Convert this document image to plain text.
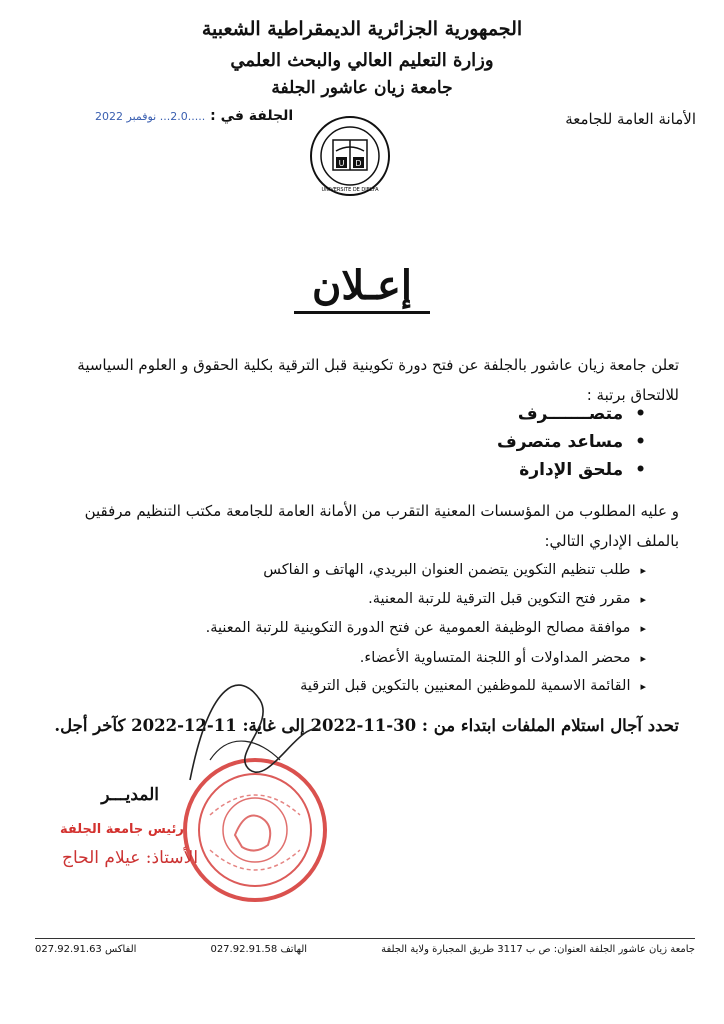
الجمهورية الجزائرية الديمقراطية الشعبية
وزارة التعليم العالي والبحث العلمي
جامعة زيان عاشور الجلفة
الأمانة العامة للجامعة
الجلفة في : .....2.0... نوفمبر 2022
U D
UNIVERSITE DE DJELFA
إعـلان
تعلن جامعة زيان عاشور بالجلفة عن فتح دورة تكوينية قبل الترقية بكلية الحقوق و العلوم السياسية للالتحاق برتبة :
• متصـــــــرف
• مساعد متصرف
• ملحق الإدارة
و عليه المطلوب من المؤسسات المعنية التقرب من الأمانة العامة للجامعة مكتب التنظيم مرفقين بالملف الإداري التالي:
▸ طلب تنظيم التكوين يتضمن العنوان البريدي، الهاتف و الفاكس
▸ مقرر فتح التكوين قبل الترقية للرتبة المعنية.
▸ موافقة مصالح الوظيفة العمومية عن فتح الدورة التكوينية للرتبة المعنية.
▸ محضر المداولات أو اللجنة المتساوية الأعضاء.
▸ القائمة الاسمية للموظفين المعنيين بالتكوين قبل الترقية
تحدد آجال استلام الملفات ابتداء من : 30-11-2022 إلى غاية: 11-12-2022 كآخر أجل.
المديـــر
رئيس جامعة الجلفة
الأستاذ: عيلام الحاج
جامعة زيان عاشور الجلفة العنوان: ص ب 3117 طريق المجبارة ولاية الجلفة
الهاتف 027.92.91.58
الفاكس 027.92.91.63
